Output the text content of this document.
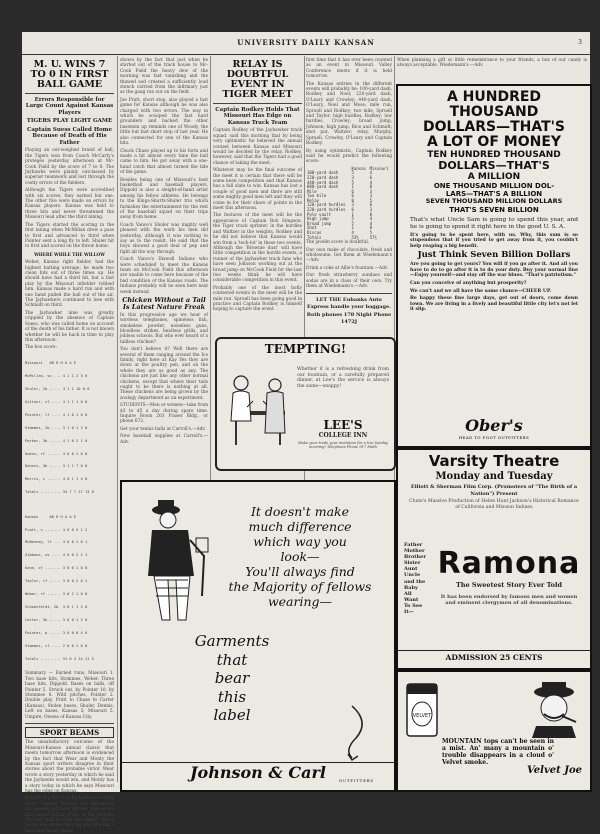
UNIVERSITY DAILY KANSAN	3
M. U. WINS 7 TO 0 IN FIRST BALL GAME
Errors Responsible for Large Count Against Kansas Players
TIGERS PLAY LIGHT GAME
Captain Suess Called Home Because of Death of His Father

Playing an out-weighed brand of ball, the Tigers won from Coach McCarty's protégés yesterday afternoon at Mc-Cook Field by the score of 7 to 0. The Jayhawks were plainly outclassed by superior teamwork and lost through the costly errors of the fielders.

Although the Tigers were accredited with six scores, they earned but one. The other five were made on errors by Kansas players. Kansas was held to three hits and never threatened the Missouri lead after the third inning.

The Tigers started the scoring in the first inning when McMillan drew a pass to first and advanced to third when Pointer sent a long fly to left. Shuler hit to first and scored on the throw home.

WHERE WHILE THE WILLOW

Weber, Kansas right fielder, had the highest batting average; he made two clean hits out of three times up. He should have had a third hit, but a fast play by the Missouri infielder robbed him. Kansas made a hard run and with one hand pulled the ball out of the air. The Jayhawkers continued to lose with Schmidt on third.

The Jayhawker nine was greatly crippled by the absence of Captain Suess, who was called home on account of the death of his father. It is not known whether he will be back in time to play this afternoon.

The box score:

Missouri   AB R H O A E

McMillan, ss ... 4 1 1 2 3 0

Shuler, 1b ..... 4 1 1 10 0 0

Gittner, cf .... 4 1 1 1 0 0

Pointer, lf .... 4 1 0 1 0 0

Stommes, 2b .... 3 1 0 1 3 0

Parker, 3b ..... 4 1 0 2 1 0

Owens, rf ...... 4 0 0 1 0 0

Dennis, 3b ..... 3 1 1 7 0 0

Morris, c ...... 4 0 1 1 4 0

Totals ......... 34 7 7 27 13 0

Kansas     AB R H O A E

Pratt, c ....... 4 0 0 5 1 2

McBenney, lf ... 4 0 0 1 0 1

Gibbons, ss .... 4 0 0 2 2 1

Kane, cf ....... 3 0 0 1 0 0

Taylor, rf ..... 3 0 0 2 0 1

Weber, rf ...... 3 0 2 1 0 0

Schoenfeldt, 2b  3 0 1 1 2 0

Carter, 3b ..... 3 0 0 1 2 0

Pointer, p ..... 3 0 0 0 4 0

Stommes, cf .... 2 0 0 1 0 0

Totals ......... 31 0 3 24 11 5

Summary — Earned runs, Missouri 1. Two base hits, Stommes, Weber. Three base hits, Dippold. Bases on balls, off Pointer 5. Struck out, by Pointer 10, by Stommes 8. Wild pitches, Pointer 2. Double play, Pratt to Chase to Carter (Kansas). Stolen bases, Shuler, Dennis. Left on bases, Kansas 5; Missouri 5. Umpire, Owens of Kansas City.

SPORT BEAMS

The unsatisfactory outcome of the Missouri-Kansas annual classic that meets tomorrow afternoon is evidenced by the fact that Wear and Monty the Kansas sport writers disagree in their stories about the probable victor. Wear wrote a story yesterday in which he said the Jayhawks would win, and Monty has a story today in which he says Missouri has the edge on Kansas.

Despite the fact that he made one costly error, Captain Pointer, the dimunitive but speedy Jayhawk pitcher, played the best brand of ball of any of the players. The fact that he held the mighty Tigers to six hits shows that he was playing a hard and heady game.

shown by the fact that just when he started out of the track house to Mc-Cook Field the heavy dew of the morning was fast vanishing and the thawed sod created a sufficiently loud stench carried from the infirmary just as the gang ran out on the field.

Joe Pratt, short stop, also played a fast game for Kansas although he was also charged with two errors. The way in which he scooped the fast hard grounders and backed the other basemen up reminds one of Woody, the little but fast short stop of last year. He also connected for one of the Kansas hits.

Chuck Chase played up to his form and made a hit almost every time the ball came to him. He got away with a one-hand catch that almost turned the tide of the game.

Besides being one of Missouri's best basketball and baseball players, Dippold is also a sleight-of-hand artist among his fellow athletes. He belongs to the Kings-Shurtz-Shuler trio which furnishes the entertainment for the rest of the baseball squad on their trips away from home.

Coach Vance's Shuler was mighty well pleased with the work his men did yesterday, although it was nothing to say as to the result. He said that the boys showed a good deal of pep and fight all the way through.

Coach Vance's Dixwell Indians who were scheduled to meet the Kansas team on McCook Field this afternoon are unable to come here because of the bad condition of the Kansas roads. The Indians probably will be seen here next week instead.

Chicken Without a Tail Is Latest Nature Freak

In this progressive age we hear of wireless telephones, spineless fish, smokeless powder, noiseless guns, bloodless strikes, heatless grills, and jobless schools. But who ever heard of a tailless chicken?

You don't believe it? Well there are several of them ranging around the Ice family, right here at Kay Yes they are down at the poultry pen, and on the whole they are as good as any. The chickens are just like any other normal chickens, except that where their tails ought to be there is nothing at all. These chickens are being grown by the zoology department as an experiment.

STUDENTS—Men or women—take from $3 to $5 a day during spare time. Inquire Room 203 Fraser Bldg., or phone 672.

Get your tennis balls at Carroll's.—Adv.

New baseball supplies at Carroll's.—Adv.

RELAY IS DOUBTFUL EVENT IN TIGER MEET
Captain Rodkey Holds That Missouri Has Edge on Kansas Track Team

Captain Rodkey of the Jayhawker track squad, said this morning that by being very optimistic he believed the annual contest between Kansas and Missouri would be decided by the relay. Rodkey, however, said that the Tigers had a good chance of taking the meet.

Whatever may be the final outcome of the meet it is certain that there will be some keen competition and that Kansas has a full slate to win. Kansas has lost a couple of good men and there are still some mighty good men left and they will come in for their share of points in the meet this afternoon.

The features of the meet will be the appearance of Captain Rob Simpson, the Tiger crack sprinter, in the hurdles and Waltzer in the weights. Rodkey and he did not believe that Kansas would win from a 'tech-lot' in these two events. Although the 'Brownie dust' will have little competition in the hurdle events, a runner of the Jayhawker track fans who have seen Johnson working out at the broad jump on McCook Field for the last two weeks think he will have considerable competition in this event.

Probably one of the most hotly contested events in the meet will be the mile run. Spruell has been going good in practice and Captain Rodkey is himself hoping to capture the event.

first time that it has ever been counted as an event in Missouri Valley Conference meets if it is held tomorrow.

The Kansas entries in the different events will probably be: 100-yard dash, Rodkey and Noel; 220-yard dash, O'Leary and Crowley; 440-yard dash, O'Leary, Noel and Moss; mile run, Spruell and Rodkey; two mile, Spruell and Taylor; high hurdles, Rodkey; low hurdles, Crowley; broad jump, Johnson; high jump, Rice and Schmidt; shot put, Waltzer; relay, Murphy, Spruell, Crowley, O'Leary and Captain Rodkey.

By using optimistic, Captain Rodkey said he would predict the following score:

	Kansas	Missouri
100-yard dash	5	4
220-yard dash	3	6
440-yard dash	5	4
880-yard dash	1	8
Mile	6	3
Two mile	6	3
Relay	0	5
120-yard hurdles	3	6
220-yard hurdles	6	3
Pole vault	1	8
High jump	5	4
Broad jump	5	4
Shot	1	8
Discus	4	5
Totals	53½	57½

The javelin score is doubtful.

Our own make of chocolate, fresh and wholesome. Get them at Wiedemann's—Adv.

Drink a coke at Allie's fountain.—Adv.

Our fresh strawberry sundaes and sodas are in a class of their own. Try them at Wiedemann's.—Adv.

LET THE Eubanks Auto Express handle your baggage.
Both phones 178 Night Phone 1472J
TEMPTING!
Whether it is a refreshing drink from our fountain, or a carefully prepared dinner, at Lee's the service is always the same—snappy!
LEE'S
COLLEGE INN
Make your trade your invitation for a tire Sunday morning! Telephone Phone 917 Math
It doesn't make
much difference
which way you
look—
You'll always find
the Majority of fellows
wearing—
Garments
that
bear
this
label
Johnson & Carl	OUTFITTERS

When planning a gift or little remembrance to your friends, a box of our candy is always acceptable. Wiedemann's.—Adv.

A HUNDRED
THOUSAND
DOLLARS—THAT'S
A LOT OF MONEY
TEN HUNDRED THOUSAND
DOLLARS—THAT'S
A MILLION
ONE THOUSAND MILLION DOL-
LARS—THAT'S A BILLION
SEVEN THOUSAND MILLION DOLLARS
THAT'S SEVEN BILLION

That's what Uncle Sam is going to spend this year, and he is going to spend it right here in the good U. S. A.

It's going to be spent here, with us. Why, this sum is so stupendous that if you tried to get away from it, you couldn't help reaping a big benefit.

Just Think Seven Billion Dollars

Are you going to get yours? You will if you go after it. And all you have to do to go after it is to do your duty. Buy your normal line—Enjoy yourself—and stay off the war blues. "That's patriotism."

Can you conceive of anything but prosperity?

We can't and we all have the same chance—CHEER UP.

Be happy these fine large days, get out of doors, come down town. We are living in a lively and beautiful little city let's not let it slip.

Ober's
HEAD TO FOOT OUTFITTERS
Varsity Theatre
Monday and Tuesday
Elliott & Sherman Film Corp. (Promoters of "The Birth of a Nation") Present
Clune's Massive Production of Helen Hunt Jackson's Historical Romance of California and Mission Indians
Father
Mother
Brother
Sister
Aunt
Uncle
and the
Baby
All
Want
To See
It—
Ramona
The Sweetest Story Ever Told
It has been endorsed by famous men and women and eminent clergymen of all denominations.
ADMISSION 25 CENTS
VELVET
MOUNTAIN tops can't be seen in a mist. An' many a mountain o' trouble disappears in a cloud o' Velvet smoke.
Velvet Joe
